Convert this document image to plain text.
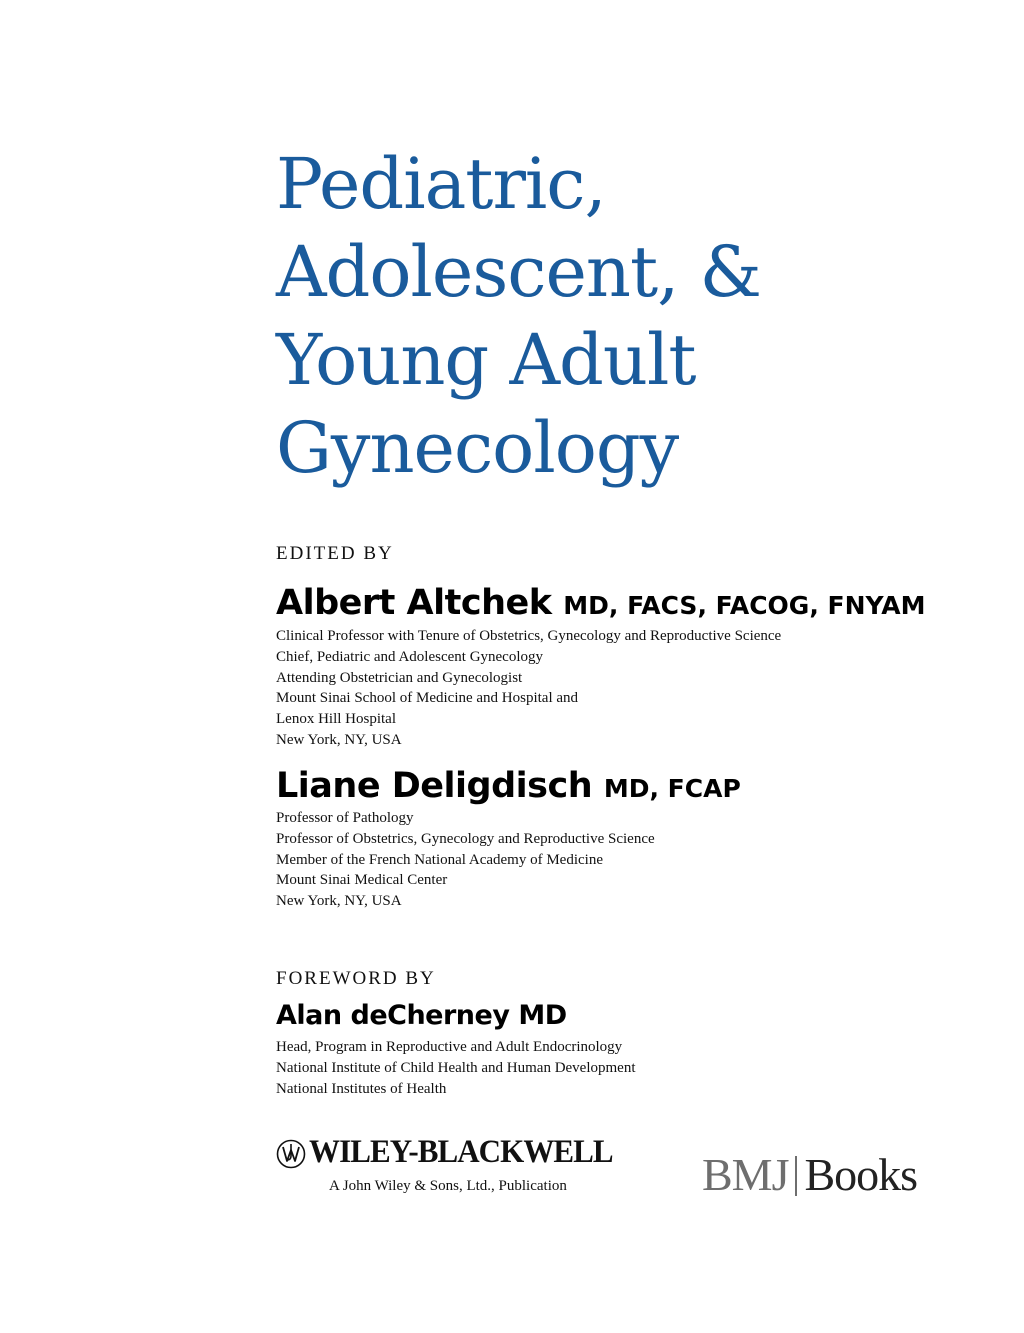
Pediatric,
Adolescent, &
Young Adult
Gynecology
EDITED BY
Albert Altchek MD, FACS, FACOG, FNYAM
Clinical Professor with Tenure of Obstetrics, Gynecology and Reproductive Science
Chief, Pediatric and Adolescent Gynecology
Attending Obstetrician and Gynecologist
Mount Sinai School of Medicine and Hospital and
Lenox Hill Hospital
New York, NY, USA
Liane Deligdisch MD, FCAP
Professor of Pathology
Professor of Obstetrics, Gynecology and Reproductive Science
Member of the French National Academy of Medicine
Mount Sinai Medical Center
New York, NY, USA
FOREWORD BY
Alan deCherney MD
Head, Program in Reproductive and Adult Endocrinology
National Institute of Child Health and Human Development
National Institutes of Health
WILEY-BLACKWELL
A John Wiley & Sons, Ltd., Publication	BMJ Books
